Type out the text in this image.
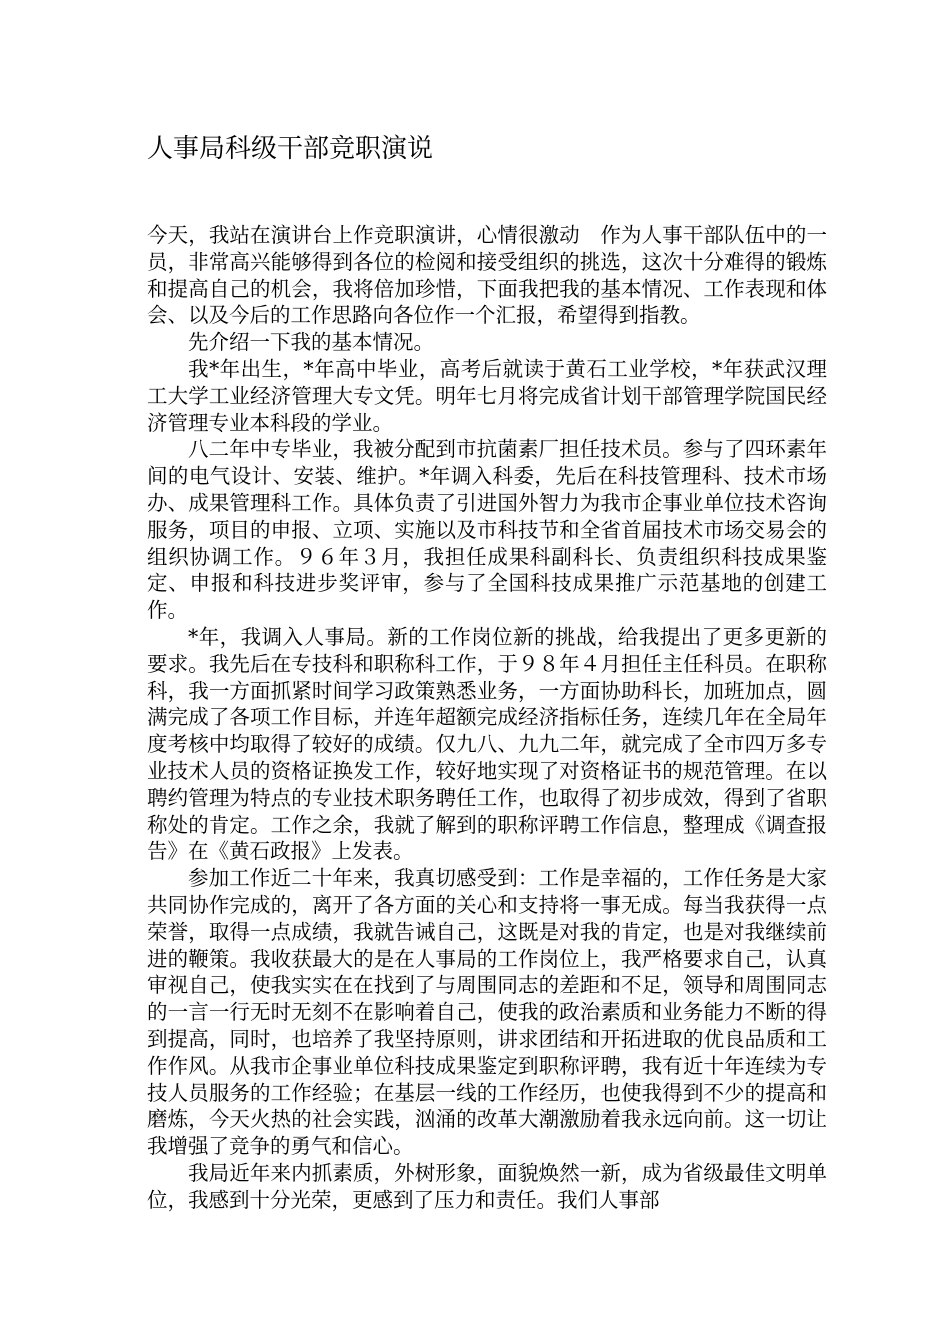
人事局科级干部竞职演说

今天，我站在演讲台上作竞职演讲，心情很激动　作为人事干部队伍中的一员，非常高兴能够得到各位的检阅和接受组织的挑选，这次十分难得的锻炼和提高自己的机会，我将倍加珍惜，下面我把我的基本情况、工作表现和体会、以及今后的工作思路向各位作一个汇报，希望得到指教。

先介绍一下我的基本情况。

我*年出生，*年高中毕业，高考后就读于黄石工业学校，*年获武汉理工大学工业经济管理大专文凭。明年七月将完成省计划干部管理学院国民经济管理专业本科段的学业。

八二年中专毕业，我被分配到市抗菌素厂担任技术员。参与了四环素年间的电气设计、安装、维护。*年调入科委，先后在科技管理科、技术市场办、成果管理科工作。具体负责了引进国外智力为我市企事业单位技术咨询服务，项目的申报、立项、实施以及市科技节和全省首届技术市场交易会的组织协调工作。９６年３月，我担任成果科副科长、负责组织科技成果鉴定、申报和科技进步奖评审，参与了全国科技成果推广示范基地的创建工作。

*年，我调入人事局。新的工作岗位新的挑战，给我提出了更多更新的要求。我先后在专技科和职称科工作，于９８年４月担任主任科员。在职称科，我一方面抓紧时间学习政策熟悉业务，一方面协助科长，加班加点，圆满完成了各项工作目标，并连年超额完成经济指标任务，连续几年在全局年度考核中均取得了较好的成绩。仅九八、九九二年，就完成了全市四万多专业技术人员的资格证换发工作，较好地实现了对资格证书的规范管理。在以聘约管理为特点的专业技术职务聘任工作，也取得了初步成效，得到了省职称处的肯定。工作之余，我就了解到的职称评聘工作信息，整理成《调查报告》在《黄石政报》上发表。

参加工作近二十年来，我真切感受到：工作是幸福的，工作任务是大家共同协作完成的，离开了各方面的关心和支持将一事无成。每当我获得一点荣誉，取得一点成绩，我就告诫自己，这既是对我的肯定，也是对我继续前进的鞭策。我收获最大的是在人事局的工作岗位上，我严格要求自己，认真审视自己，使我实实在在找到了与周围同志的差距和不足，领导和周围同志的一言一行无时无刻不在影响着自己，使我的政治素质和业务能力不断的得到提高，同时，也培养了我坚持原则，讲求团结和开拓进取的优良品质和工作作风。从我市企事业单位科技成果鉴定到职称评聘，我有近十年连续为专技人员服务的工作经验；在基层一线的工作经历，也使我得到不少的提高和磨炼，今天火热的社会实践，汹涌的改革大潮激励着我永远向前。这一切让我增强了竞争的勇气和信心。

我局近年来内抓素质，外树形象，面貌焕然一新，成为省级最佳文明单位，我感到十分光荣，更感到了压力和责任。我们人事部
